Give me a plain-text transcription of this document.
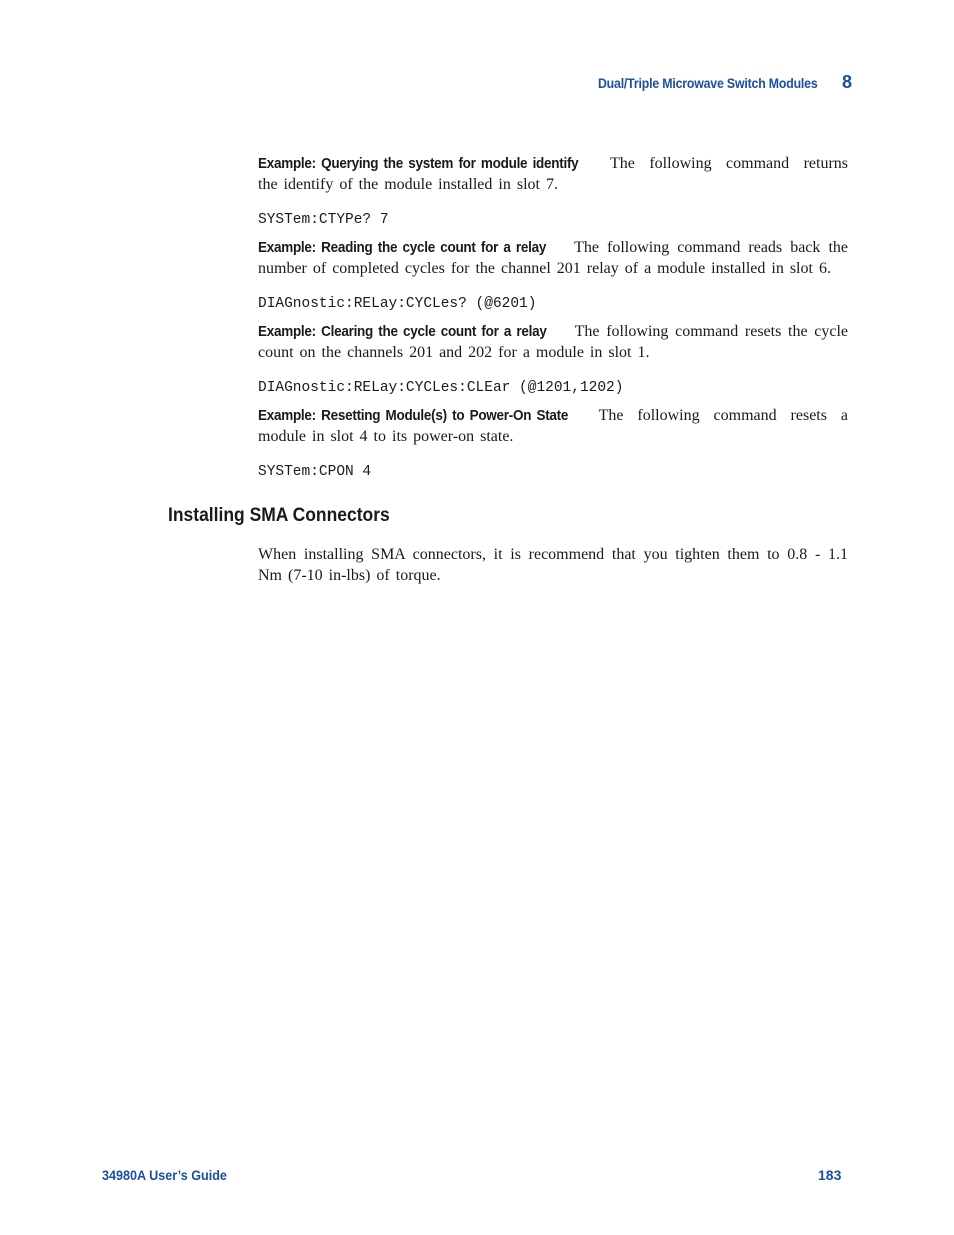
Dual/Triple Microwave Switch Modules 8

Example: Querying the system for module identify The following command returns the identify of the module installed in slot 7.

SYSTem:CTYPe? 7

Example: Reading the cycle count for a relay The following command reads back the number of completed cycles for the channel 201 relay of a module installed in slot 6.

DIAGnostic:RELay:CYCLes? (@6201)

Example: Clearing the cycle count for a relay The following command resets the cycle count on the channels 201 and 202 for a module in slot 1.

DIAGnostic:RELay:CYCLes:CLEar (@1201,1202)

Example: Resetting Module(s) to Power-On State The following command resets a module in slot 4 to its power-on state.

SYSTem:CPON 4

Installing SMA Connectors

When installing SMA connectors, it is recommend that you tighten them to 0.8 - 1.1 Nm (7-10 in-lbs) of torque.

34980A User’s Guide	183
